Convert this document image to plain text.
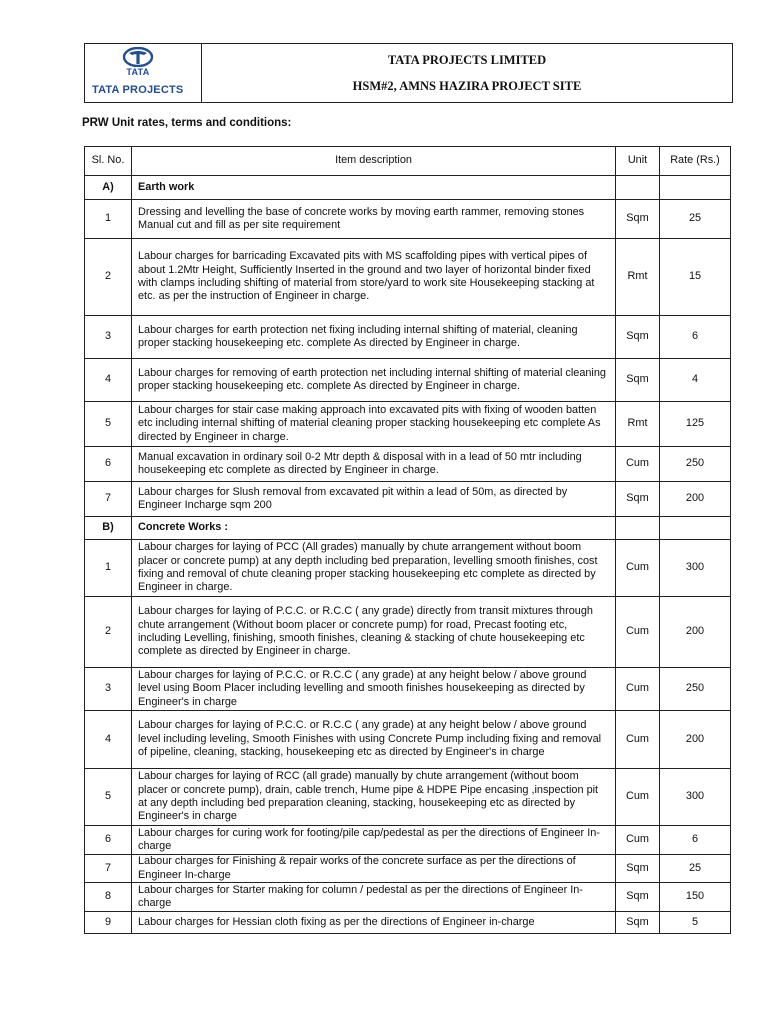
TATA
TATA PROJECTS
TATA PROJECTS LIMITED
HSM#2, AMNS HAZIRA PROJECT SITE
PRW Unit rates, terms and conditions:
Sl. No.	Item description	Unit	Rate (Rs.)
A)	Earth work		
1	Dressing and levelling the base of concrete works by moving earth rammer, removing stones Manual cut and fill as per site requirement	Sqm	25
2	Labour charges for barricading Excavated pits with MS scaffolding pipes with vertical pipes of about 1.2Mtr Height, Sufficiently Inserted in the ground and two layer of horizontal binder fixed with clamps including shifting of material from store/yard to work site Housekeeping stacking at etc. as per the instruction of Engineer in charge.	Rmt	15
3	Labour charges for earth protection net fixing including internal shifting of material, cleaning proper stacking housekeeping etc. complete As directed by Engineer in charge.	Sqm	6
4	Labour charges for removing of earth protection net including internal shifting of material cleaning proper stacking housekeeping etc. complete As directed by Engineer in charge.	Sqm	4
5	Labour charges for stair case making approach into excavated pits with fixing of wooden batten etc including internal shifting of material cleaning proper stacking housekeeping etc complete As directed by Engineer in charge.	Rmt	125
6	Manual excavation in ordinary soil 0-2 Mtr depth & disposal with in a lead of 50 mtr including housekeeping etc complete as directed by Engineer in charge.	Cum	250
7	Labour charges for Slush removal from excavated pit within a lead of 50m, as directed by Engineer Incharge sqm 200	Sqm	200
B)	Concrete Works :		
1	Labour charges for laying of PCC (All grades) manually by chute arrangement without boom placer or concrete pump) at any depth including bed preparation, levelling smooth finishes, cost fixing and removal of chute cleaning proper stacking housekeeping etc complete as directed by Engineer in charge.	Cum	300
2	Labour charges for laying of P.C.C. or R.C.C ( any grade) directly from transit mixtures through chute arrangement (Without boom placer or concrete pump) for road, Precast footing etc, including Levelling, finishing, smooth finishes, cleaning & stacking of chute housekeeping etc complete as directed by Engineer in charge.	Cum	200
3	Labour charges for laying of P.C.C. or R.C.C ( any grade) at any height below / above ground level using Boom Placer including levelling and smooth finishes housekeeping as directed by Engineer's in charge	Cum	250
4	Labour charges for laying of P.C.C. or R.C.C ( any grade) at any height below / above ground level including leveling, Smooth Finishes with using Concrete Pump including fixing and removal of pipeline, cleaning, stacking, housekeeping etc as directed by Engineer's in charge	Cum	200
5	Labour charges for laying of RCC (all grade) manually by chute arrangement (without boom placer or concrete pump), drain, cable trench, Hume pipe & HDPE Pipe encasing ,inspection pit at any depth including bed preparation cleaning, stacking, housekeeping etc as directed by Engineer's in charge	Cum	300
6	Labour charges for curing work for footing/pile cap/pedestal as per the directions of Engineer In-charge	Cum	6
7	Labour charges for Finishing & repair works of the concrete surface as per the directions of Engineer In-charge	Sqm	25
8	Labour charges for Starter making for column / pedestal as per the directions of Engineer In-charge	Sqm	150
9	Labour charges for Hessian cloth fixing as per the directions of Engineer in-charge	Sqm	5
